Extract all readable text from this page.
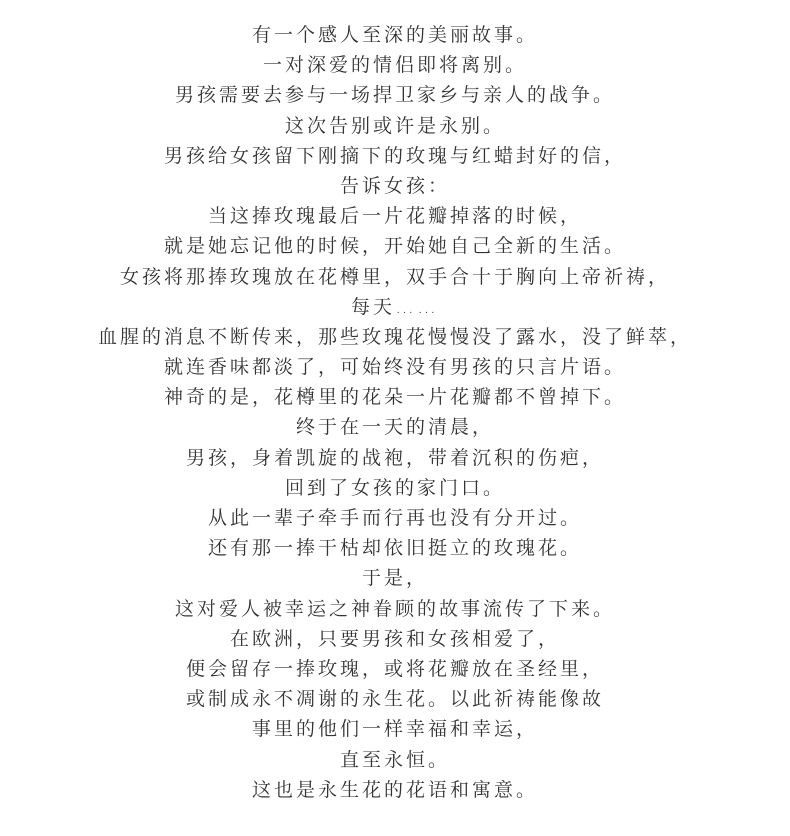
有一个感人至深的美丽故事。
一对深爱的情侣即将离别。
男孩需要去参与一场捍卫家乡与亲人的战争。
这次告别或许是永别。
男孩给女孩留下刚摘下的玫瑰与红蜡封好的信，
告诉女孩：
当这捧玫瑰最后一片花瓣掉落的时候，
就是她忘记他的时候，开始她自己全新的生活。
女孩将那捧玫瑰放在花樽里，双手合十于胸向上帝祈祷，
每天……
血腥的消息不断传来，那些玫瑰花慢慢没了露水，没了鲜萃，
就连香味都淡了，可始终没有男孩的只言片语。
神奇的是，花樽里的花朵一片花瓣都不曾掉下。
终于在一天的清晨，
男孩，身着凯旋的战袍，带着沉积的伤疤，
回到了女孩的家门口。
从此一辈子牵手而行再也没有分开过。
还有那一捧干枯却依旧挺立的玫瑰花。
于是，
这对爱人被幸运之神眷顾的故事流传了下来。
在欧洲，只要男孩和女孩相爱了，
便会留存一捧玫瑰，或将花瓣放在圣经里，
或制成永不凋谢的永生花。以此祈祷能像故
事里的他们一样幸福和幸运，
直至永恒。
这也是永生花的花语和寓意。
